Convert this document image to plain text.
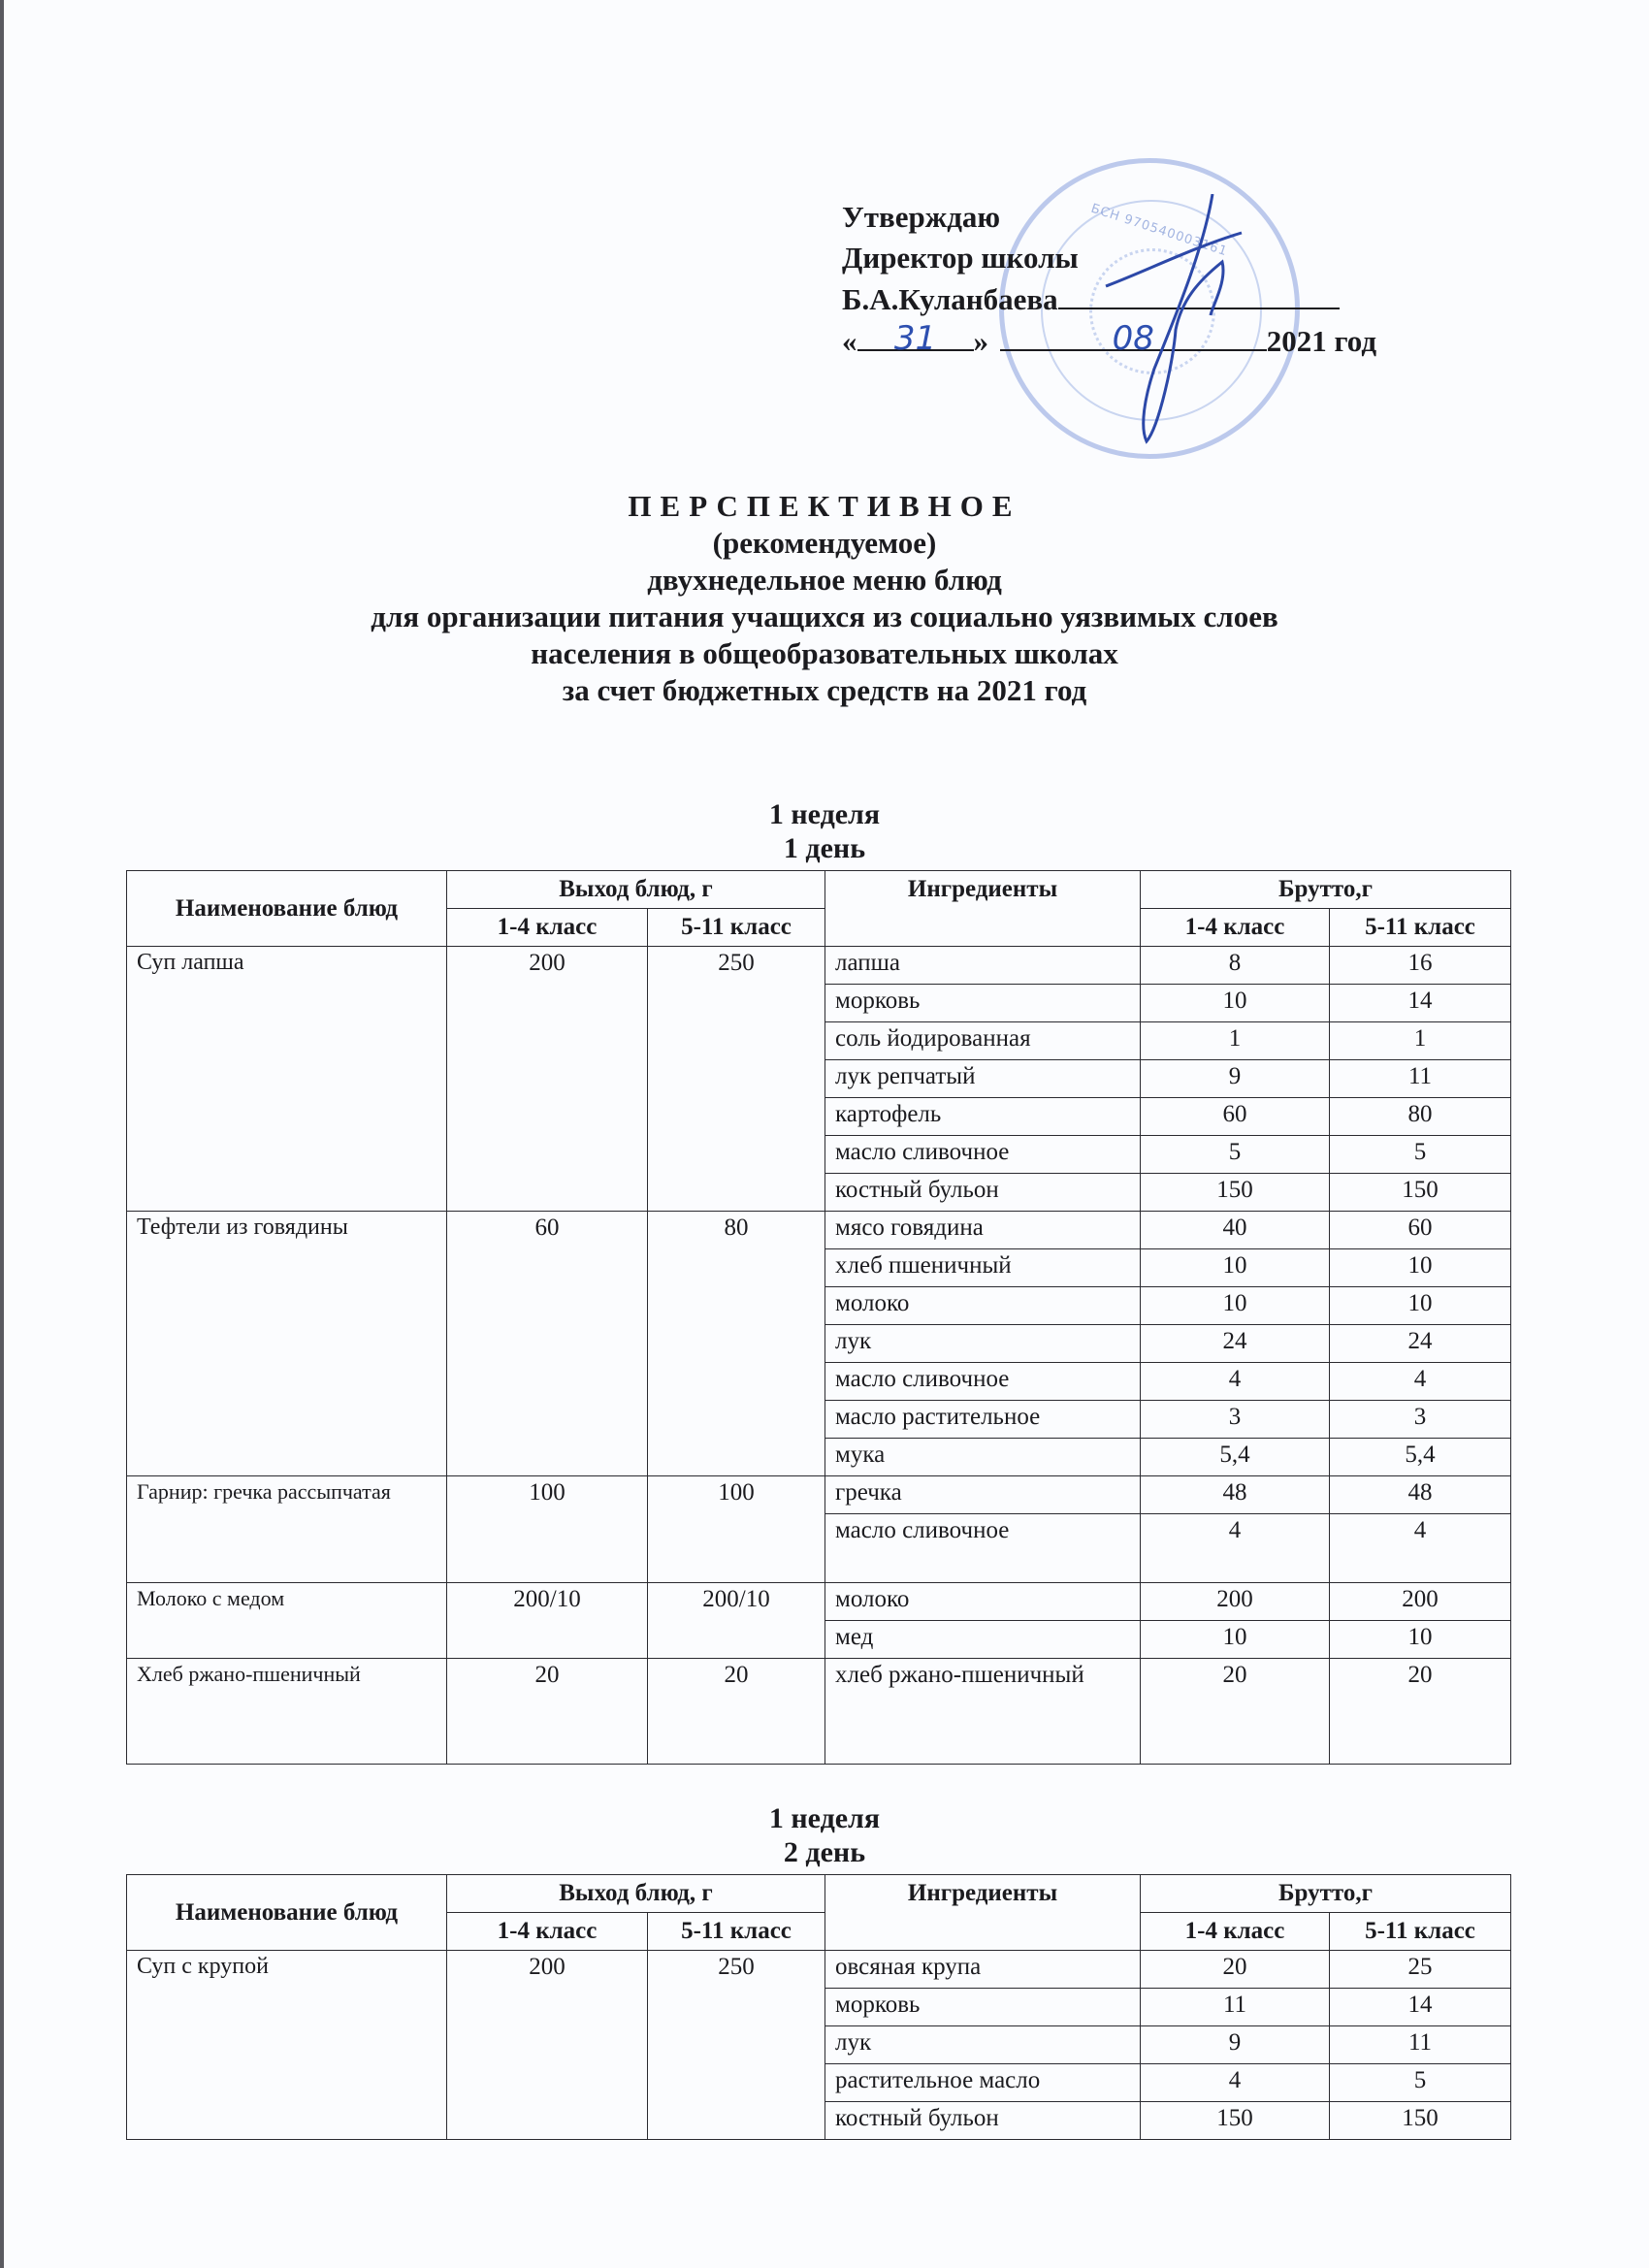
БСН 970540003161
Утверждаю
Директор школы
Б.А.Куланбаева
« 31 »	08	2021 год
ПЕРСПЕКТИВНОЕ
(рекомендуемое)
двухнедельное меню блюд
для организации питания учащихся из социально уязвимых слоев
населения в общеобразовательных школах
за счет бюджетных средств на 2021 год
1 неделя
1 день
Наименование блюд	Выход блюд, г		Ингредиенты	Брутто,г	
	1-4 класс	5-11 класс		1-4 класс	5-11 класс
Суп лапша	200	250	лапша	8	16
			морковь	10	14
			соль йодированная	1	1
			лук репчатый	9	11
			картофель	60	80
			масло сливочное	5	5
			костный бульон	150	150
Тефтели из говядины	60	80	мясо говядина	40	60
			хлеб пшеничный	10	10
			молоко	10	10
			лук	24	24
			масло сливочное	4	4
			масло растительное	3	3
			мука	5,4	5,4
Гарнир: гречка рассыпчатая	100	100	гречка	48	48
			масло сливочное	4	4
Молоко с медом	200/10	200/10	молоко	200	200
			мед	10	10
Хлеб ржано-пшеничный	20	20	хлеб ржано-пшеничный	20	20
1 неделя
2 день
Наименование блюд	Выход блюд, г		Ингредиенты	Брутто,г	
	1-4 класс	5-11 класс		1-4 класс	5-11 класс
Суп с крупой	200	250	овсяная крупа	20	25
			морковь	11	14
			лук	9	11
			растительное масло	4	5
			костный бульон	150	150
